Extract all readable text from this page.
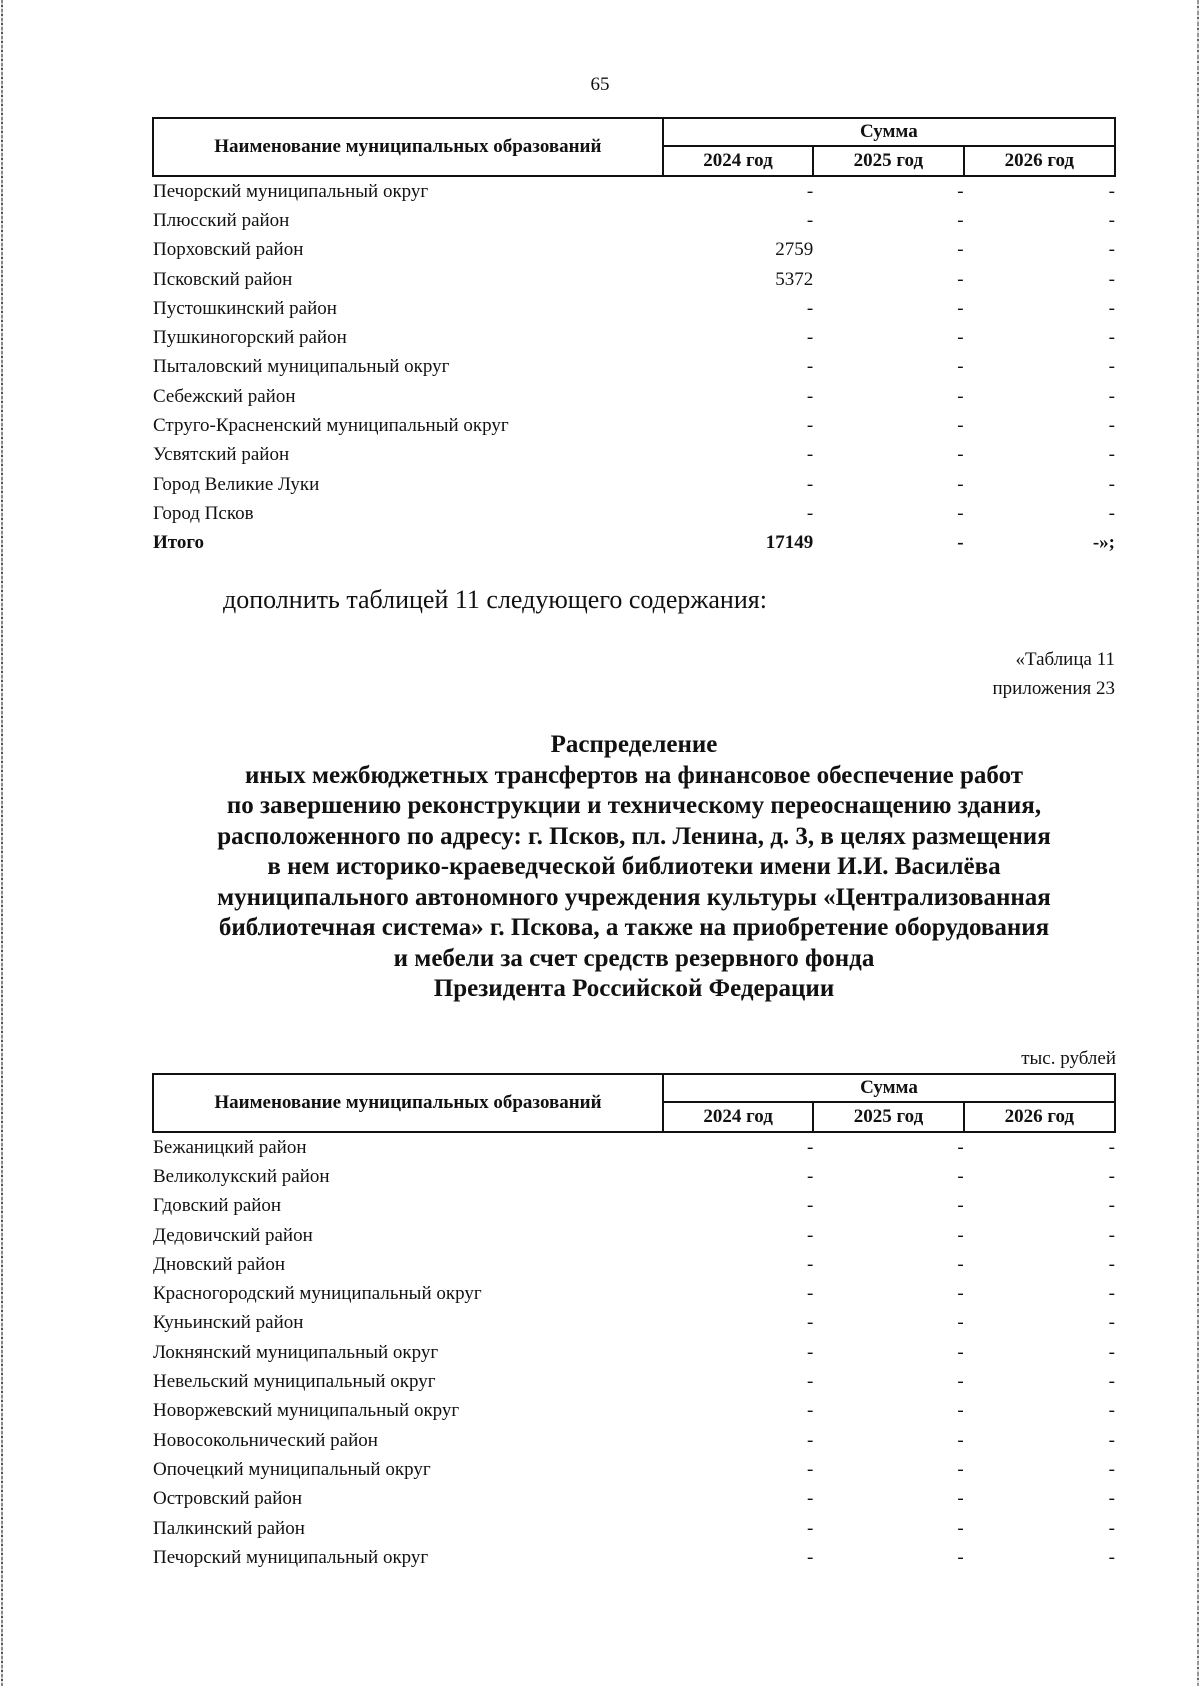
65
Наименование муниципальных образований	Сумма		
	2024 год	2025 год	2026 год
Печорский муниципальный округ	-	-	-
Плюсский район	-	-	-
Порховский район	2759	-	-
Псковский район	5372	-	-
Пустошкинский район	-	-	-
Пушкиногорский район	-	-	-
Пыталовский муниципальный округ	-	-	-
Себежский район	-	-	-
Струго-Красненский муниципальный округ	-	-	-
Усвятский район	-	-	-
Город Великие Луки	-	-	-
Город Псков	-	-	-
Итого	17149	-	-»;
дополнить таблицей 11 следующего содержания:
«Таблица 11
приложения 23
Распределение
иных межбюджетных трансфертов на финансовое обеспечение работ
по завершению реконструкции и техническому переоснащению здания,
расположенного по адресу: г. Псков, пл. Ленина, д. 3, в целях размещения
в нем историко-краеведческой библиотеки имени И.И. Василёва
муниципального автономного учреждения культуры «Централизованная
библиотечная система» г. Пскова, а также на приобретение оборудования
и мебели за счет средств резервного фонда
Президента Российской Федерации
тыс. рублей
Наименование муниципальных образований	Сумма		
	2024 год	2025 год	2026 год
Бежаницкий район	-	-	-
Великолукский район	-	-	-
Гдовский район	-	-	-
Дедовичский район	-	-	-
Дновский район	-	-	-
Красногородский муниципальный округ	-	-	-
Куньинский район	-	-	-
Локнянский муниципальный округ	-	-	-
Невельский муниципальный округ	-	-	-
Новоржевский муниципальный округ	-	-	-
Новосокольнический район	-	-	-
Опочецкий муниципальный округ	-	-	-
Островский район	-	-	-
Палкинский район	-	-	-
Печорский муниципальный округ	-	-	-
